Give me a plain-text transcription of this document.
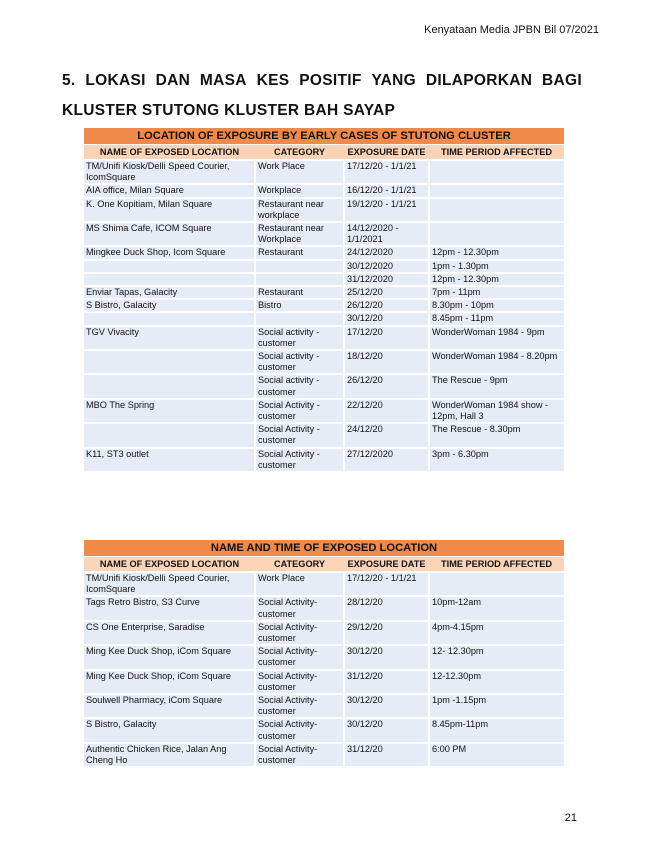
Kenyataan Media JPBN Bil 07/2021
5. LOKASI DAN MASA KES POSITIF YANG DILAPORKAN BAGI
KLUSTER STUTONG KLUSTER BAH SAYAP
LOCATION OF EXPOSURE BY EARLY CASES OF STUTONG CLUSTER			
NAME OF EXPOSED LOCATION	CATEGORY	EXPOSURE DATE	TIME PERIOD AFFECTED
TM/Unifi Kiosk/Delli Speed Courier, IcomSquare	Work Place	17/12/20 - 1/1/21	
AIA office, Milan Square	Workplace	16/12/20 - 1/1/21	
K. One Kopitiam, Milan Square	Restaurant near workplace	19/12/20 - 1/1/21	
MS Shima Cafe, ICOM Square	Restaurant near Workplace	14/12/2020 - 1/1/2021	
Mingkee Duck Shop, Icom Square	Restaurant	24/12/2020	12pm - 12.30pm
		30/12/2020	1pm - 1.30pm
		31/12/2020	12pm - 12.30pm
Enviar Tapas, Galacity	Restaurant	25/12/20	7pm - 11pm
S Bistro, Galacity	Bistro	26/12/20	8.30pm - 10pm
		30/12/20	8.45pm - 11pm
TGV Vivacity	Social activity - customer	17/12/20	WonderWoman 1984 - 9pm
	Social activity - customer	18/12/20	WonderWoman 1984 - 8.20pm
	Social activity - customer	26/12/20	The Rescue - 9pm
MBO The Spring	Social Activity - customer	22/12/20	WonderWoman 1984 show - 12pm, Hall 3
	Social Activity - customer	24/12/20	The Rescue - 8.30pm
K11, ST3 outlet	Social Activity - customer	27/12/2020	3pm - 6.30pm
NAME AND TIME OF EXPOSED LOCATION			
NAME OF EXPOSED LOCATION	CATEGORY	EXPOSURE DATE	TIME PERIOD AFFECTED
TM/Unifi Kiosk/Delli Speed Courier, IcomSquare	Work Place	17/12/20 - 1/1/21	
Tags Retro Bistro, S3 Curve	Social Activity- customer	28/12/20	10pm-12am
CS One Enterprise, Saradise	Social Activity- customer	29/12/20	4pm-4.15pm
Ming Kee Duck Shop, iCom Square	Social Activity- customer	30/12/20	12- 12.30pm
Ming Kee Duck Shop, iCom Square	Social Activity- customer	31/12/20	12-12.30pm
Soulwell Pharmacy, iCom Square	Social Activity- customer	30/12/20	1pm -1.15pm
S Bistro, Galacity	Social Activity- customer	30/12/20	8.45pm-11pm
Authentic Chicken Rice, Jalan Ang Cheng Ho	Social Activity- customer	31/12/20	6:00 PM
21
